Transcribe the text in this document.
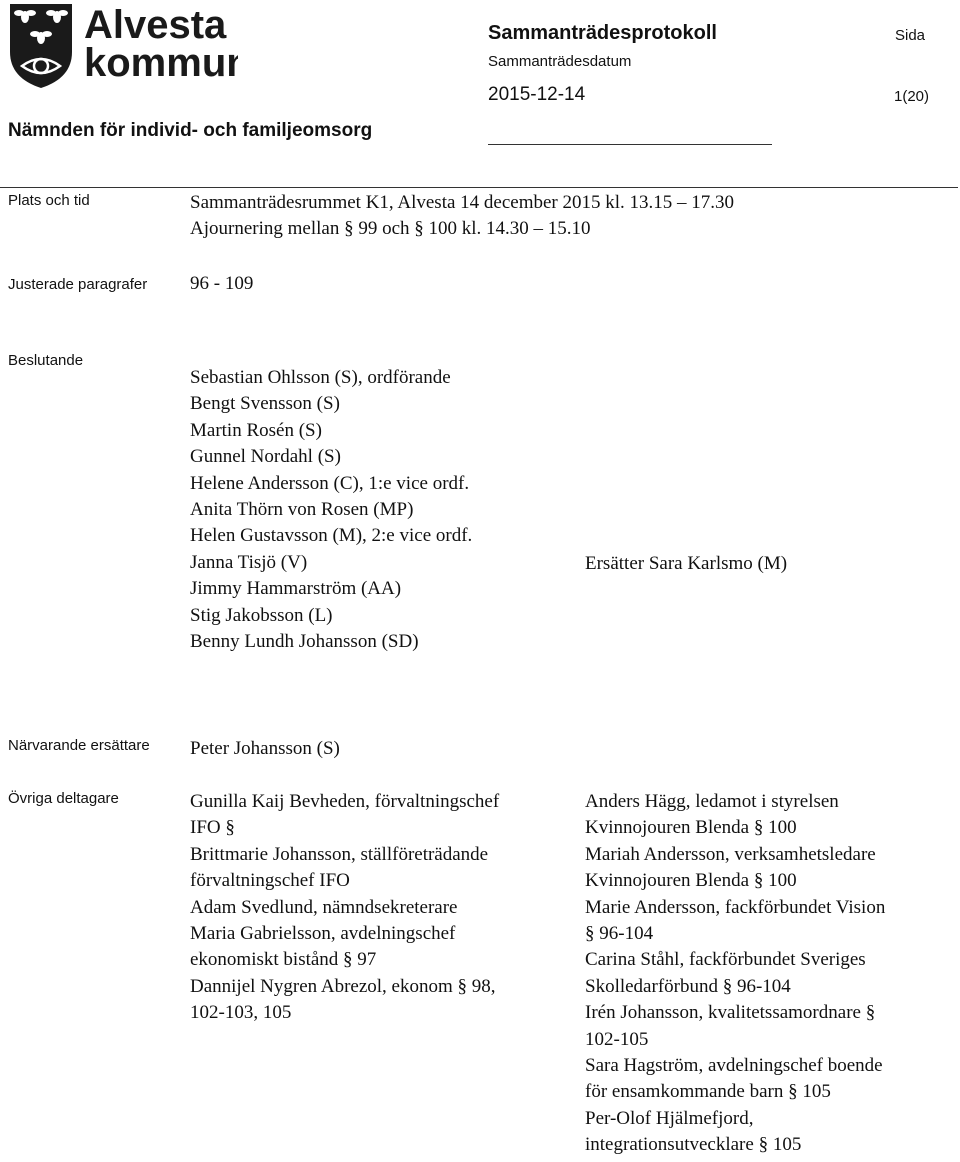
Alvesta
kommun
Sammanträdesprotokoll
Sammanträdesdatum
2015-12-14
Sida
1(20)
Nämnden för individ- och familjeomsorg
Plats och tid	Sammanträdesrummet K1, Alvesta 14 december 2015 kl. 13.15 – 17.30
Ajournering mellan § 99 och § 100 kl. 14.30 – 15.10
Justerade paragrafer 96 - 109
Beslutande
Sebastian Ohlsson (S), ordförande
Bengt Svensson (S)
Martin Rosén (S)
Gunnel Nordahl (S)
Helene Andersson (C), 1:e vice ordf.
Anita Thörn von Rosen (MP)
Helen Gustavsson (M), 2:e vice ordf.
Janna Tisjö (V)
Jimmy Hammarström (AA)
Stig Jakobsson (L)
Benny Lundh Johansson (SD)
Ersätter Sara Karlsmo (M)
Närvarande ersättare Peter Johansson (S)
Övriga deltagare	Gunilla Kaij Bevheden, förvaltningschef
IFO §
Brittmarie Johansson, ställföreträdande
förvaltningschef IFO
Adam Svedlund, nämndsekreterare
Maria Gabrielsson, avdelningschef
ekonomiskt bistånd § 97
Dannijel Nygren Abrezol, ekonom § 98,
102-103, 105
Anders Hägg, ledamot i styrelsen
Kvinnojouren Blenda § 100
Mariah Andersson, verksamhetsledare
Kvinnojouren Blenda § 100
Marie Andersson, fackförbundet Vision
§ 96-104
Carina Ståhl, fackförbundet Sveriges
Skolledarförbund § 96-104
Irén Johansson, kvalitetssamordnare §
102-105
Sara Hagström, avdelningschef boende
för ensamkommande barn § 105
Per-Olof Hjälmefjord,
integrationsutvecklare § 105
